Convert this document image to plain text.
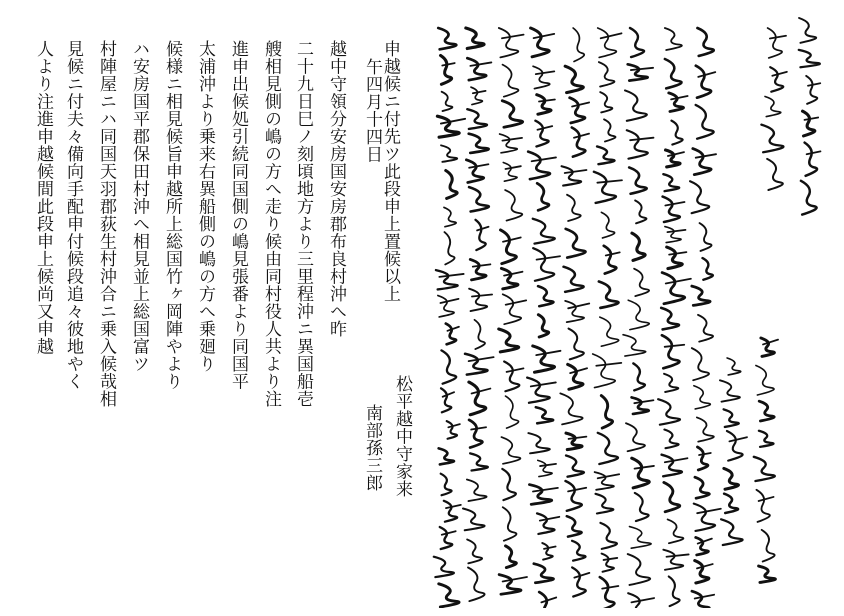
申越候ニ付先ツ此段申上置候以上
午四月十四日
越中守領分安房国安房郡布良村沖へ昨
二十九日巳ノ刻頃地方より三里程沖ニ異国船壱
艘相見側の嶋の方へ走り候由同村役人共より注
進申出候処引続同国側の嶋見張番より同国平
太浦沖より乗来右異船側の嶋の方へ乗廻り
候様ニ相見候旨申越所上総国竹ヶ岡陣やより
ハ安房国平郡保田村沖へ相見並上総国富ツ
村陣屋ニハ同国天羽郡荻生村沖合ニ乗入候哉相
見候ニ付夫々備向手配申付候段追々彼地やく
人より注進申越候間此段申上候尚又申越
松平越中守家来
南部孫三郎
